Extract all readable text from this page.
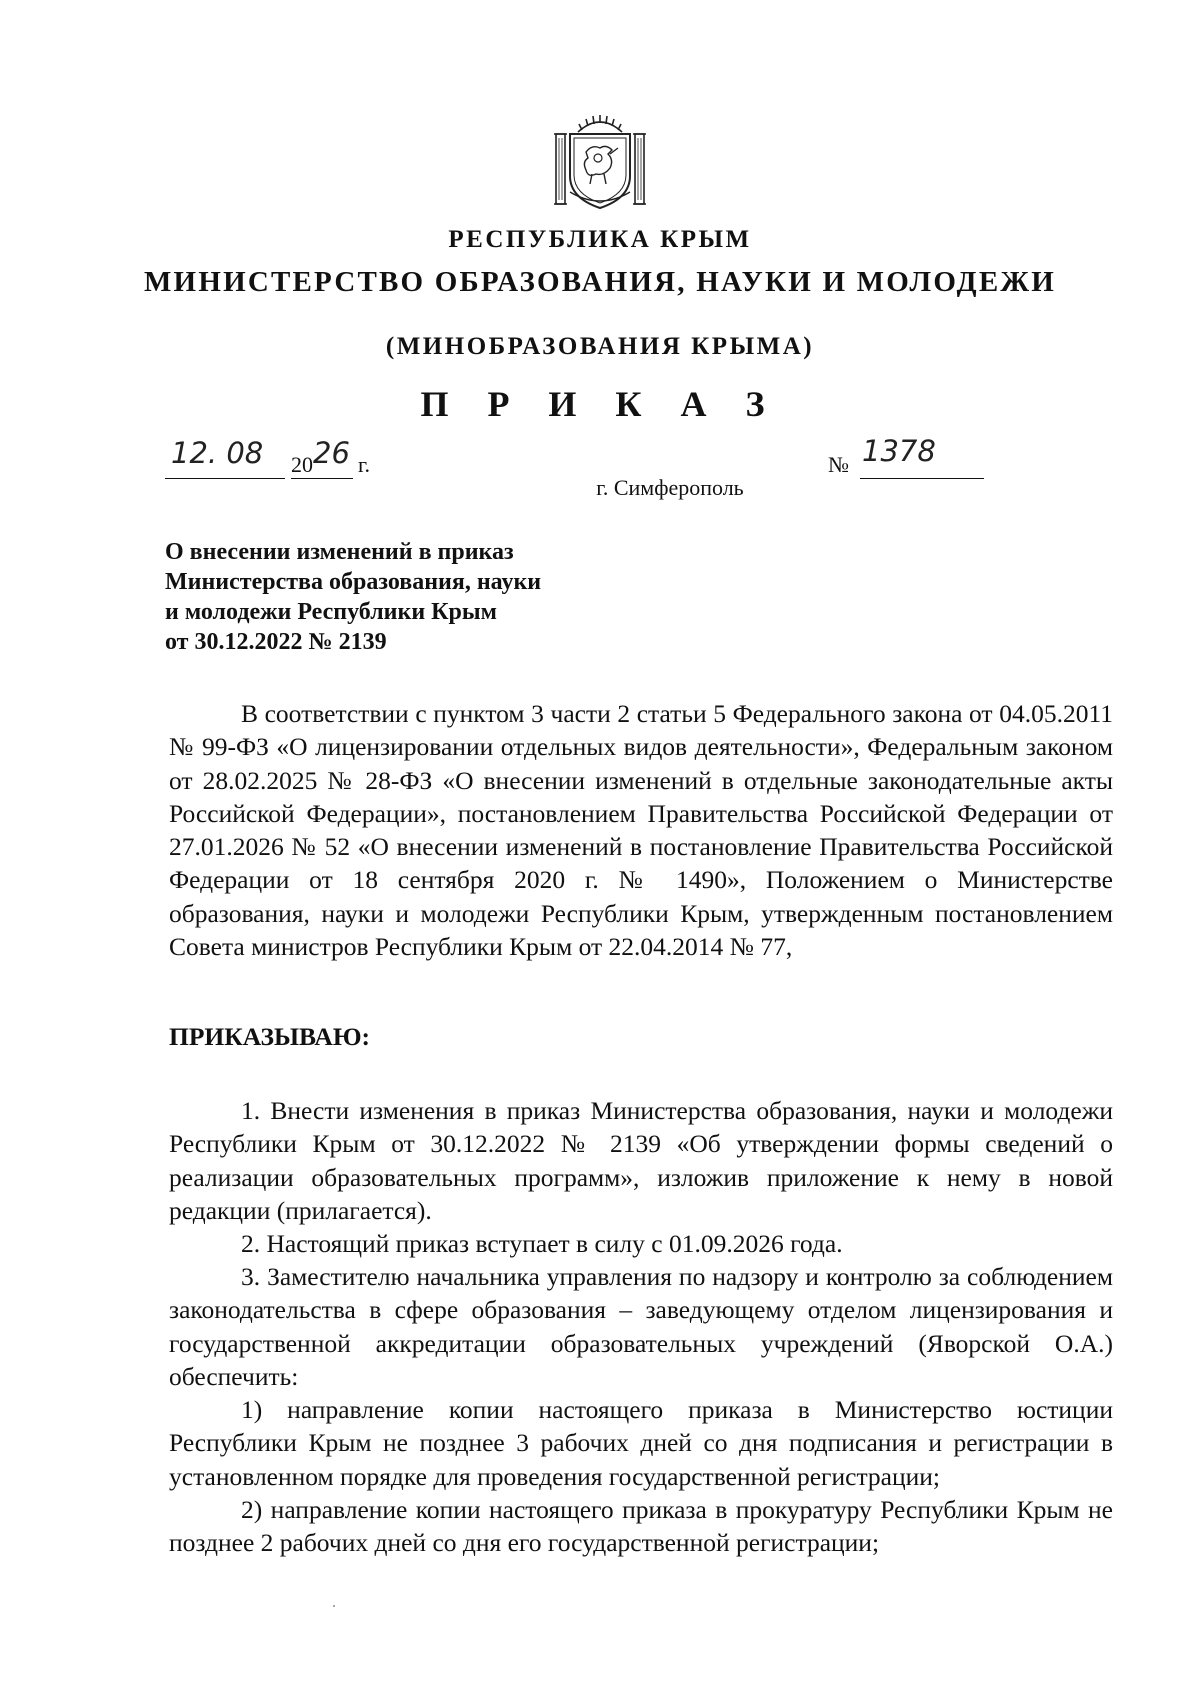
РЕСПУБЛИКА КРЫМ
МИНИСТЕРСТВО ОБРАЗОВАНИЯ, НАУКИ И МОЛОДЕЖИ
(МИНОБРАЗОВАНИЯ КРЫМА)
П Р И К А З
12. 08 20 26 г.	№ 1378
г. Симферополь
О внесении изменений в приказ
Министерства образования, науки
и молодежи Республики Крым
от 30.12.2022 № 2139
В соответствии с пунктом 3 части 2 статьи 5 Федерального закона от 04.05.2011 № 99-ФЗ «О лицензировании отдельных видов деятельности», Федеральным законом от 28.02.2025 № 28-ФЗ «О внесении изменений в отдельные законодательные акты Российской Федерации», постановлением Правительства Российской Федерации от 27.01.2026 № 52 «О внесении изменений в постановление Правительства Российской Федерации от 18 сентября 2020 г. № 1490», Положением о Министерстве образования, науки и молодежи Республики Крым, утвержденным постановлением Совета министров Республики Крым от 22.04.2014 № 77,
ПРИКАЗЫВАЮ:
1. Внести изменения в приказ Министерства образования, науки и молодежи Республики Крым от 30.12.2022 № 2139 «Об утверждении формы сведений о реализации образовательных программ», изложив приложение к нему в новой редакции (прилагается).
2. Настоящий приказ вступает в силу с 01.09.2026 года.
3. Заместителю начальника управления по надзору и контролю за соблюдением законодательства в сфере образования – заведующему отделом лицензирования и государственной аккредитации образовательных учреждений (Яворской О.А.) обеспечить:
1) направление копии настоящего приказа в Министерство юстиции Республики Крым не позднее 3 рабочих дней со дня подписания и регистрации в установленном порядке для проведения государственной регистрации;
2) направление копии настоящего приказа в прокуратуру Республики Крым не позднее 2 рабочих дней со дня его государственной регистрации;
